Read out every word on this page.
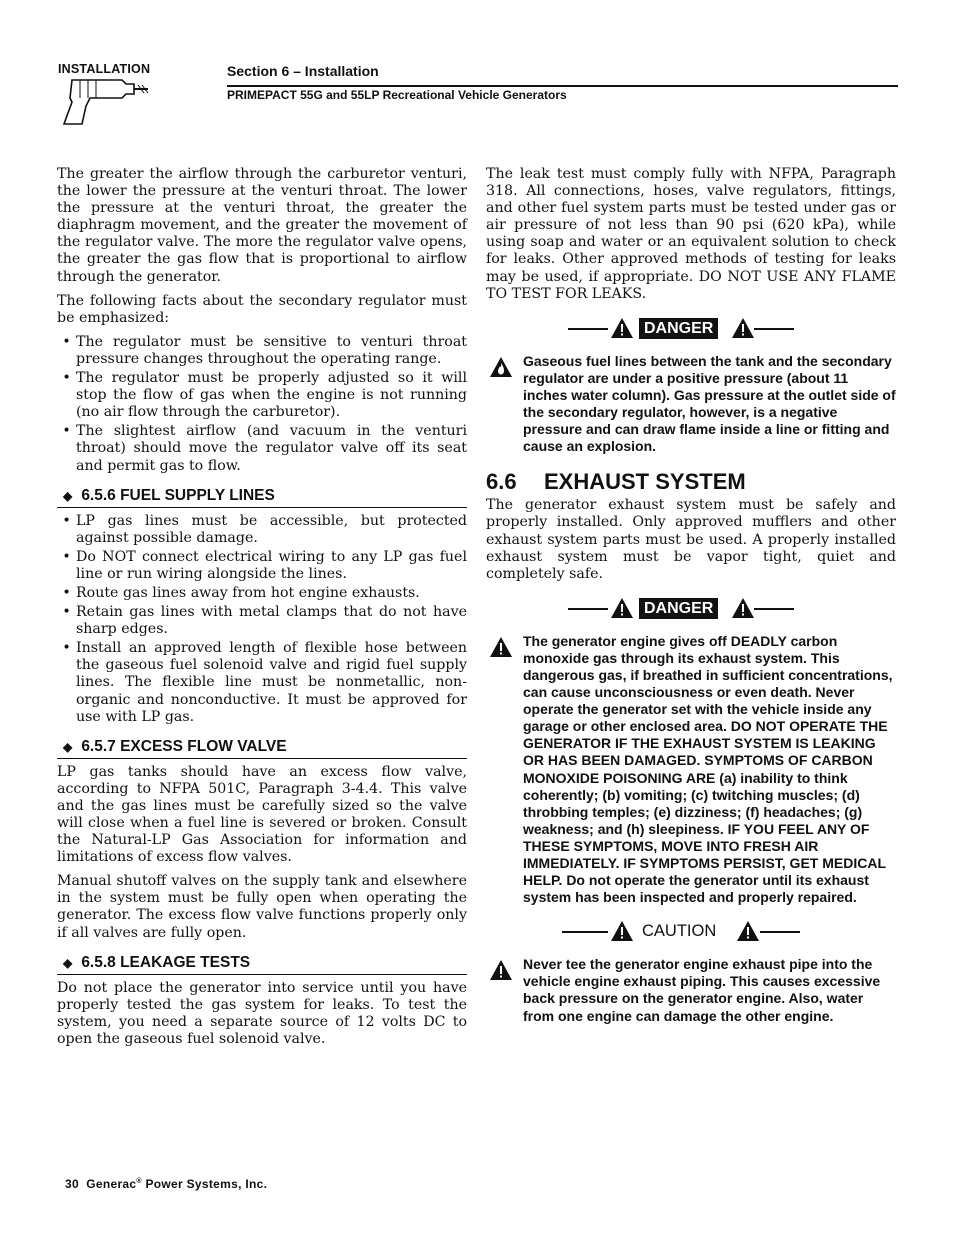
INSTALLATION	Section 6 – Installation
PRIMEPACT 55G and 55LP Recreational Vehicle Generators

The greater the airflow through the carburetor venturi, the lower the pressure at the venturi throat. The lower the pressure at the venturi throat, the greater the diaphragm movement, and the greater the movement of the regulator valve. The more the regulator valve opens, the greater the gas flow that is proportional to airflow through the generator.

The following facts about the secondary regulator must be emphasized:

• The regulator must be sensitive to venturi throat pressure changes throughout the operating range.
• The regulator must be properly adjusted so it will stop the flow of gas when the engine is not running (no air flow through the carburetor).
• The slightest airflow (and vacuum in the venturi throat) should move the regulator valve off its seat and permit gas to flow.
◆ 6.5.6 FUEL SUPPLY LINES
• LP gas lines must be accessible, but protected against possible damage.
• Do NOT connect electrical wiring to any LP gas fuel line or run wiring alongside the lines.
• Route gas lines away from hot engine exhausts.
• Retain gas lines with metal clamps that do not have sharp edges.
• Install an approved length of flexible hose between the gaseous fuel solenoid valve and rigid fuel supply lines. The flexible line must be nonmetallic, non-organic and nonconductive. It must be approved for use with LP gas.
◆ 6.5.7 EXCESS FLOW VALVE

LP gas tanks should have an excess flow valve, according to NFPA 501C, Paragraph 3-4.4. This valve and the gas lines must be carefully sized so the valve will close when a fuel line is severed or broken. Consult the Natural-LP Gas Association for information and limitations of excess flow valves.

Manual shutoff valves on the supply tank and elsewhere in the system must be fully open when operating the generator. The excess flow valve functions properly only if all valves are fully open.

◆ 6.5.8 LEAKAGE TESTS

Do not place the generator into service until you have properly tested the gas system for leaks. To test the system, you need a separate source of 12 volts DC to open the gaseous fuel solenoid valve.

The leak test must comply fully with NFPA, Paragraph 318. All connections, hoses, valve regulators, fittings, and other fuel system parts must be tested under gas or air pressure of not less than 90 psi (620 kPa), while using soap and water or an equivalent solution to check for leaks. Other approved methods of testing for leaks may be used, if appropriate. DO NOT USE ANY FLAME TO TEST FOR LEAKS.

DANGER
Gaseous fuel lines between the tank and the secondary regulator are under a positive pressure (about 11 inches water column). Gas pressure at the outlet side of the secondary regulator, however, is a negative pressure and can draw flame inside a line or fitting and cause an explosion.
6.6 EXHAUST SYSTEM

The generator exhaust system must be safely and properly installed. Only approved mufflers and other exhaust system parts must be used. A properly installed exhaust system must be vapor tight, quiet and completely safe.

DANGER
The generator engine gives off DEADLY carbon monoxide gas through its exhaust system. This dangerous gas, if breathed in sufficient concentrations, can cause unconsciousness or even death. Never operate the generator set with the vehicle inside any garage or other enclosed area. DO NOT OPERATE THE GENERATOR IF THE EXHAUST SYSTEM IS LEAKING OR HAS BEEN DAMAGED. SYMPTOMS OF CARBON MONOXIDE POISONING ARE (a) inability to think coherently; (b) vomiting; (c) twitching muscles; (d) throbbing temples; (e) dizziness; (f) headaches; (g) weakness; and (h) sleepiness. IF YOU FEEL ANY OF THESE SYMPTOMS, MOVE INTO FRESH AIR IMMEDIATELY. IF SYMPTOMS PERSIST, GET MEDICAL HELP. Do not operate the generator until its exhaust system has been inspected and properly repaired.
CAUTION
Never tee the generator engine exhaust pipe into the vehicle engine exhaust piping. This causes excessive back pressure on the generator engine. Also, water from one engine can damage the other engine.
30 Generac® Power Systems, Inc.
